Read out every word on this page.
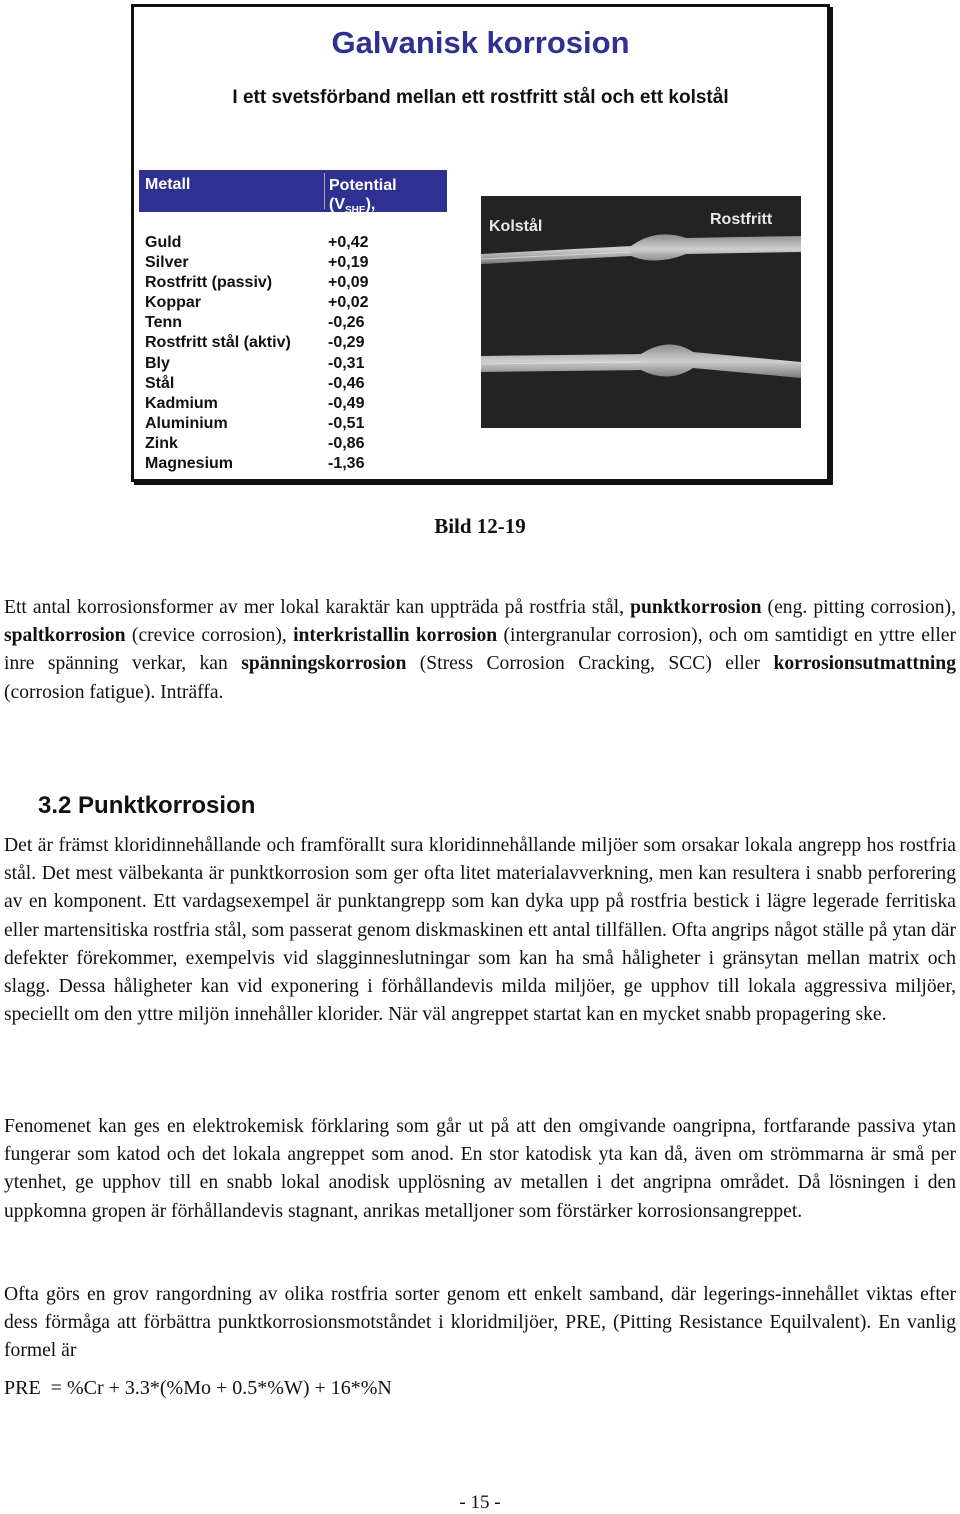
Galvanisk korrosion
I ett svetsförband mellan ett rostfritt stål och ett kolstål
Metall	Potential
$(V_{SHE})$,
Guld	+0,42
Silver	+0,19
Rostfritt (passiv)	+0,09
Koppar	+0,02
Tenn	-0,26
Rostfritt stål (aktiv) -0,29
Bly	-0,31
Stål	-0,46
Kadmium	-0,49
Aluminium	-0,51
Zink	-0,86
Magnesium	-1,36
Kolstål	Rostfritt
Bild 12-19

Ett antal korrosionsformer av mer lokal karaktär kan uppträda på rostfria stål, punktkorrosion (eng. pitting corrosion), spaltkorrosion (crevice corrosion), interkristallin korrosion (intergranular corrosion), och om samtidigt en yttre eller inre spänning verkar, kan spänningskorrosion (Stress Corrosion Cracking, SCC) eller korrosionsutmattning (corrosion fatigue). Inträffa.

3.2 Punktkorrosion

Det är främst kloridinnehållande och framförallt sura kloridinnehållande miljöer som orsakar lokala angrepp hos rostfria stål. Det mest välbekanta är punktkorrosion som ger ofta litet materialavverkning, men kan resultera i snabb perforering av en komponent. Ett vardagsexempel är punktangrepp som kan dyka upp på rostfria bestick i lägre legerade ferritiska eller martensitiska rostfria stål, som passerat genom diskmaskinen ett antal tillfällen. Ofta angrips något ställe på ytan där defekter förekommer, exempelvis vid slagginneslutningar som kan ha små håligheter i gränsytan mellan matrix och slagg. Dessa håligheter kan vid exponering i förhållandevis milda miljöer, ge upphov till lokala aggressiva miljöer, speciellt om den yttre miljön innehåller klorider. När väl angreppet startat kan en mycket snabb propagering ske.

Fenomenet kan ges en elektrokemisk förklaring som går ut på att den omgivande oangripna, fortfarande passiva ytan fungerar som katod och det lokala angreppet som anod. En stor katodisk yta kan då, även om strömmarna är små per ytenhet, ge upphov till en snabb lokal anodisk upplösning av metallen i det angripna området. Då lösningen i den uppkomna gropen är förhållandevis stagnant, anrikas metalljoner som förstärker korrosionsangreppet.

Ofta görs en grov rangordning av olika rostfria sorter genom ett enkelt samband, där legerings-innehållet viktas efter dess förmåga att förbättra punktkorrosionsmotståndet i kloridmiljöer, PRE, (Pitting Resistance Equilvalent). En vanlig formel är

PRE  = %Cr + 3.3*(%Mo + 0.5*%W) + 16*%N
- 15 -
